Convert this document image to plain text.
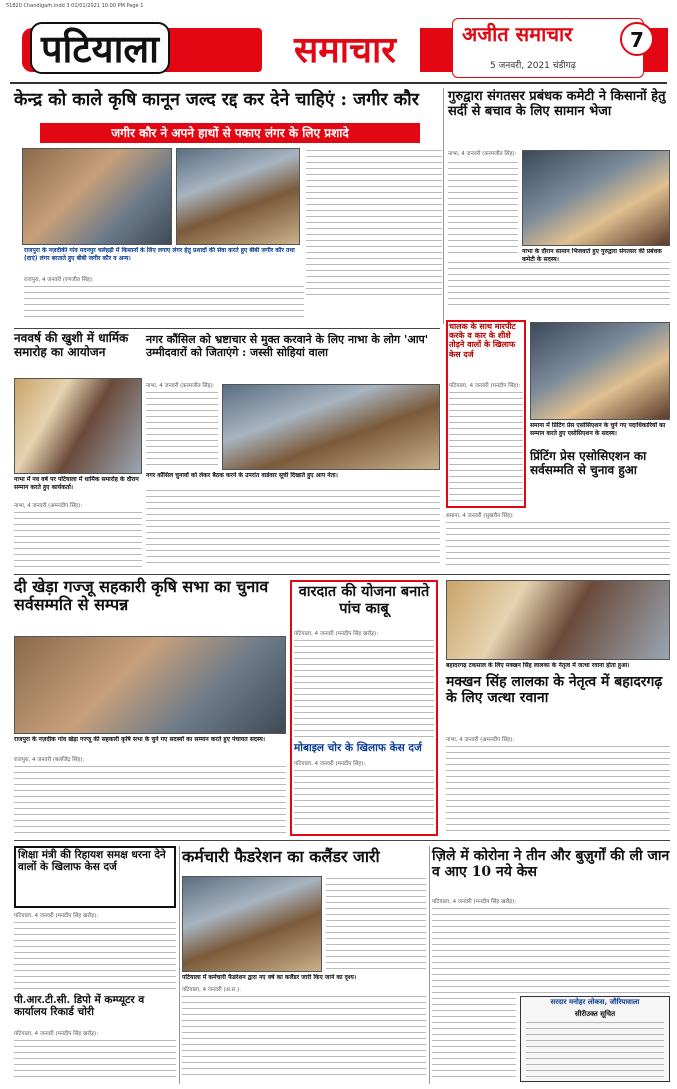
51820 Chandigarh.indd 3 01/01/2021 10:00 PM Page 1
पटियाला	समाचार	अजीत समाचार
5 जनवरी, 2021 चंडीगढ़
7
केन्द्र को काले कृषि कानून जल्द रद्द कर देने चाहिएं : जगीर कौर
जगीर कौर ने अपने हाथों से पकाए लंगर के लिए प्रशादे
राजपुरा के नज़दीकी गांव मदनपुर चलेहड़ी में किसानों के लिए लगाए लंगर हेतु प्रशादों की सेवा करते हुए बीबी जगीर कौर तथा (दाएं) लंगर बरताते हुए बीबी जगीर कौर व अन्य।
राजपुरा, 4 जनवरी (रणजीत सिंह):
गुरुद्वारा संगतसर प्रबंधक कमेटी ने किसानों हेतु सर्दी से बचाव के लिए सामान भेजा
नाभा, 4 जनवरी (करमजीत सिंह):
नाभा के दौरान सामान भिजवाते हुए गुरुद्वारा संगतसर की प्रबंधक कमेटी के सदस्य।
नववर्ष की खुशी में धार्मिक समारोह का आयोजन
नाभा में नव वर्ष पर पटियाला में धार्मिक समारोह के दौरान सम्मान करते हुए कार्यकर्ता।
नाभा, 4 जनवरी (अमनदीप सिंह):
नगर कौंसिल को भ्रष्टाचार से मुक्त करवाने के लिए नाभा के लोग 'आप' उम्मीदवारों को जिताएंगे : जस्सी सोहियां वाला
नाभा, 4 जनवरी (करमजीत सिंह):
नगर कौंसिल चुनावों को लेकर बैठक करने के उपरांत वार्डवार सूची दिखाते हुए आप नेता।
चालक के साथ मारपीट करके व कार के शीशे तोड़ने वालों के खिलाफ केस दर्ज
पटियाला, 4 जनवरी (मनदीप सिंह):
समाना में प्रिंटिंग प्रेस एसोसिएशन के चुने गए पदाधिकारियों का सम्मान करते हुए एसोसिएशन के सदस्य।
प्रिंटिंग प्रेस एसोसिएशन का सर्वसम्मति से चुनाव हुआ
समाना, 4 जनवरी (सुखचैन सिंह):
दी खेड़ा गज्जू सहकारी कृषि सभा का चुनाव सर्वसम्मति से सम्पन्न
राजपुरा के नज़दीक गांव खेड़ा गज्जू की सहकारी कृषि सभा के चुने गए सदस्यों का सम्मान करते हुए पंचायत सदस्य।
राजपुरा, 4 जनवरी (बलजिंद्र सिंह):
वारदात की योजना बनाते पांच काबू
पटियाला, 4 जनवरी (मनदीप सिंह खरौड़):
मोबाइल चोर के खिलाफ केस दर्ज
पटियाला, 4 जनवरी (मनदीप सिंह):
बहादरगढ़ टकसाल के लिए मक्खन सिंह लालका के नेतृत्व में जत्था रवाना होता हुआ।
मक्खन सिंह लालका के नेतृत्व में बहादरगढ़ के लिए जत्था रवाना
नाभा, 4 जनवरी (अमनदीप सिंह):
शिक्षा मंत्री की रिहायश समक्ष धरना देने वालों के खिलाफ केस दर्ज
पटियाला, 4 जनवरी (मनदीप सिंह खरौड़):
पी.आर.टी.सी. डिपो में कम्प्यूटर व कार्यालय रिकार्ड चोरी
पटियाला, 4 जनवरी (मनदीप सिंह खरौड़):
कर्मचारी फैडरेशन का कलैंडर जारी
पटियाला में कर्मचारी फैडरेशन द्वारा नए वर्ष का कलैंडर जारी किए जाने का दृश्य।
पटियाला, 4 जनवरी (अ.स.):
ज़िले में कोरोना ने तीन और बुज़ुर्गों की ली जान व आए 10 नये केस
पटियाला, 4 जनवरी (मनदीप सिंह खरौड़):
सरदार मनोहर लोकस, जौरियावाला
सीरीउक्त सूचित
